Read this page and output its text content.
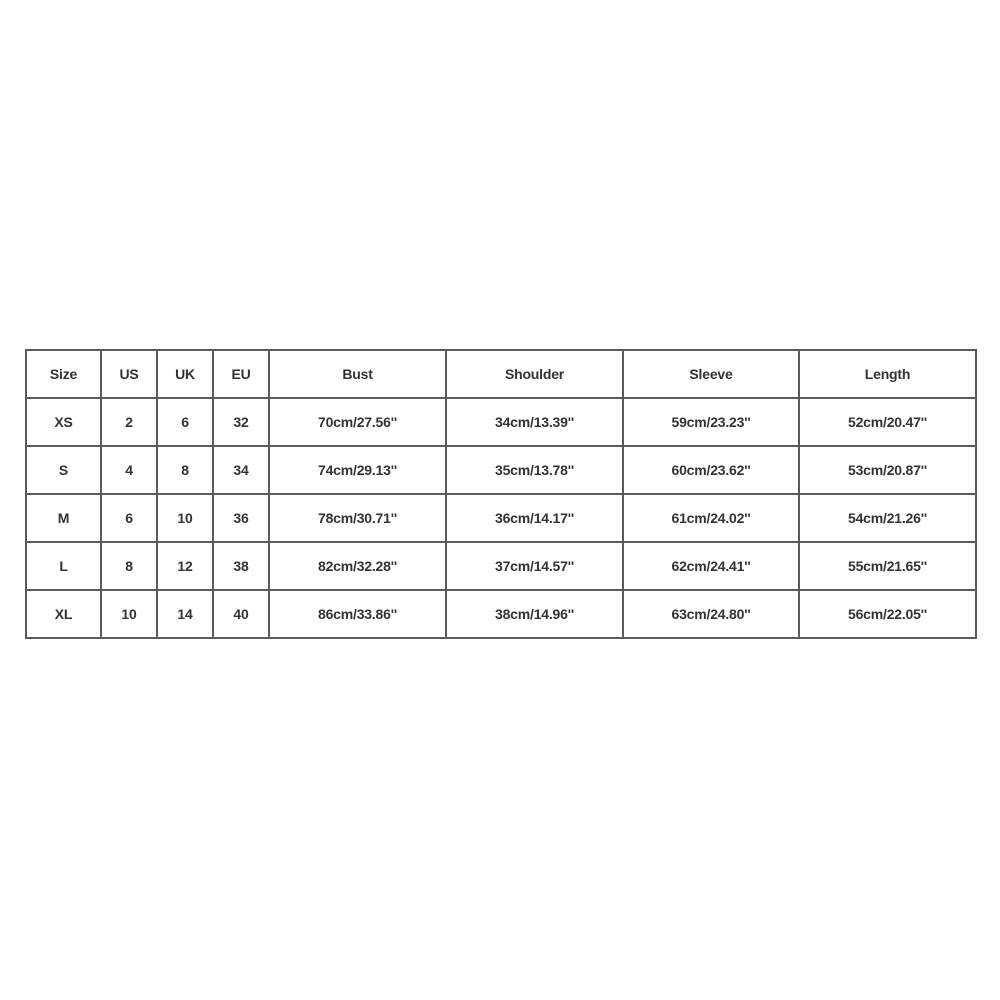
Size	US	UK	EU	Bust	Shoulder	Sleeve	Length
XS	2	6	32	70cm/27.56''	34cm/13.39''	59cm/23.23''	52cm/20.47''
S	4	8	34	74cm/29.13''	35cm/13.78''	60cm/23.62''	53cm/20.87''
M	6	10	36	78cm/30.71''	36cm/14.17''	61cm/24.02''	54cm/21.26''
L	8	12	38	82cm/32.28''	37cm/14.57''	62cm/24.41''	55cm/21.65''
XL	10	14	40	86cm/33.86''	38cm/14.96''	63cm/24.80''	56cm/22.05''
